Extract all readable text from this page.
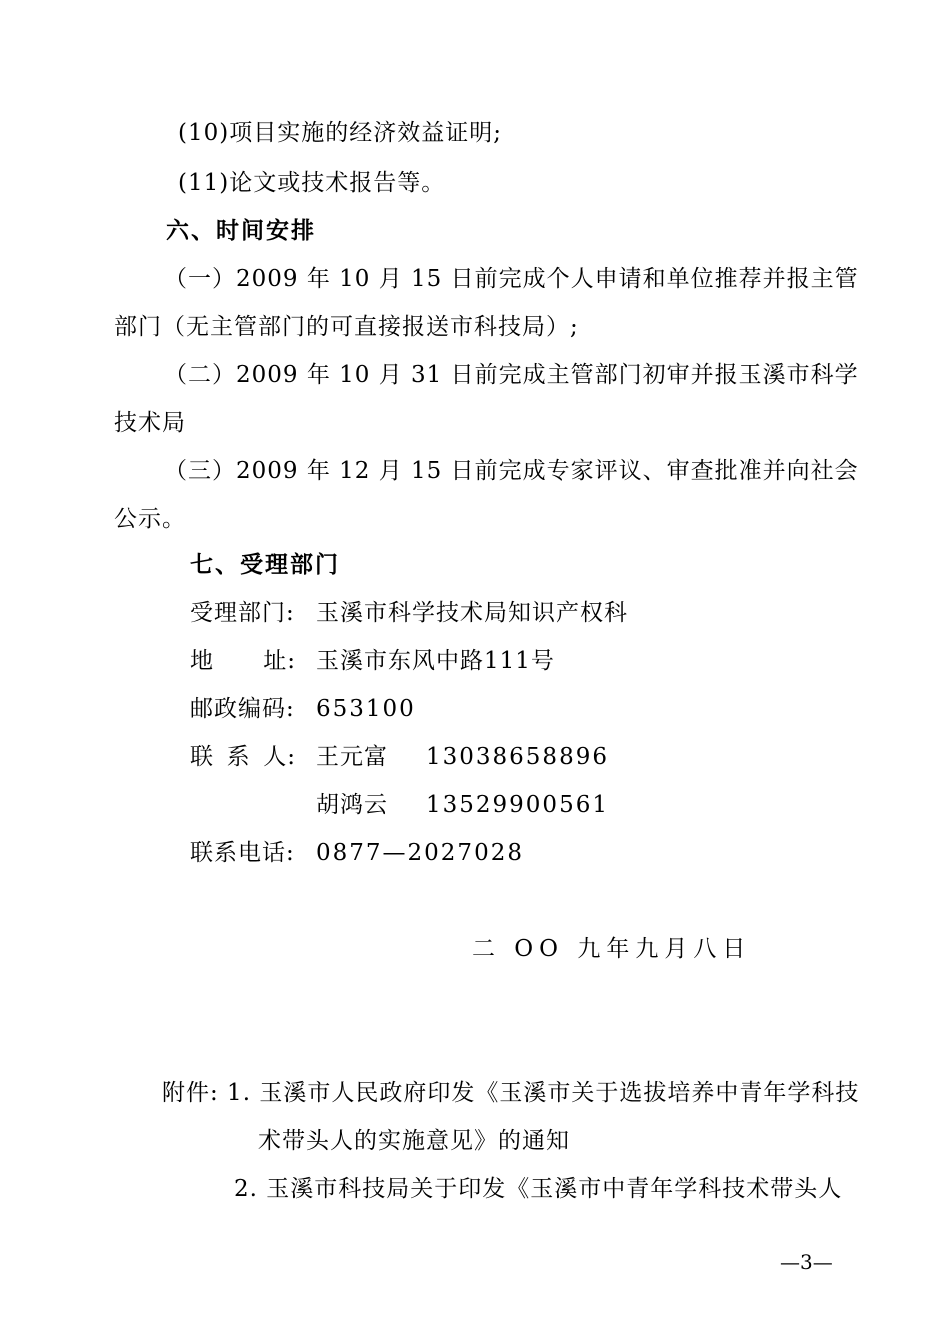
(10)项目实施的经济效益证明;
(11)论文或技术报告等。
六、时间安排
（一）2009 年 10 月 15 日前完成个人申请和单位推荐并报主管
部门（无主管部门的可直接报送市科技局）;
（二）2009 年 10 月 31 日前完成主管部门初审并报玉溪市科学
技术局
（三）2009 年 12 月 15 日前完成专家评议、审查批准并向社会
公示。
七、受理部门
受理部门: 玉溪市科学技术局知识产权科
地 址: 玉溪市东风中路111号
邮政编码: 653100
联 系 人: 王元富 13038658896
胡鸿云 13529900561
联系电话: 0877—2027028
二 OO 九年九月八日
附件: 1. 玉溪市人民政府印发《玉溪市关于选拔培养中青年学科技
术带头人的实施意见》的通知
2. 玉溪市科技局关于印发《玉溪市中青年学科技术带头人
—3—
